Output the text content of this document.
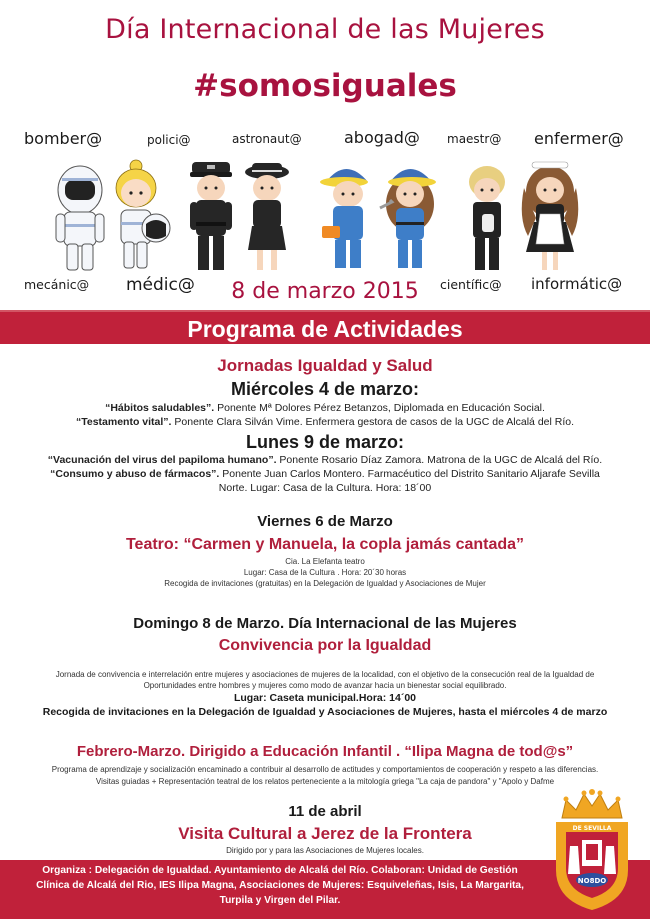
Día Internacional de las Mujeres
#somosiguales
bomber@	polici@	astronaut@	abogad@ maestr@ enfermer@
mecánic@ médic@	científic@ informátic@
8 de marzo 2015
Programa de Actividades
Jornadas Igualdad y Salud
Miércoles 4 de marzo:
“Hábitos saludables”. Ponente Mª Dolores Pérez Betanzos, Diplomada en Educación Social.
“Testamento vital”. Ponente Clara Silván Vime. Enfermera gestora de casos de la UGC de Alcalá del Río.
Lunes 9 de marzo:
“Vacunación del virus del papiloma humano”. Ponente Rosario Díaz Zamora. Matrona de la UGC de Alcalá del Río.
“Consumo y abuso de fármacos”. Ponente Juan Carlos Montero. Farmacéutico del Distrito Sanitario Aljarafe Sevilla
Norte. Lugar: Casa de la Cultura. Hora: 18´00
Viernes 6 de Marzo
Teatro: “Carmen y Manuela, la copla jamás cantada”
Cia. La Elefanta teatro
Lugar: Casa de la Cultura . Hora: 20´30 horas
Recogida de invitaciones (gratuitas) en la Delegación de Igualdad y Asociaciones de Mujer
Domingo 8 de Marzo. Día Internacional de las Mujeres
Convivencia por la Igualdad
Jornada de convivencia e interrelación entre mujeres y asociaciones de mujeres de la localidad, con el objetivo de la consecución real de la Igualdad de
Oportunidades entre hombres y mujeres como modo de avanzar hacia un bienestar social equilibrado.
Lugar: Caseta municipal.Hora: 14´00
Recogida de invitaciones en la Delegación de Igualdad y Asociaciones de Mujeres, hasta el miércoles 4 de marzo
Febrero-Marzo. Dirigido a Educación Infantil . “Ilipa Magna de tod@s”
Programa de aprendizaje y socialización encaminado a contribuir al desarrollo de actitudes y comportamientos de cooperación y respeto a las diferencias.
Visitas guiadas + Representación teatral de los relatos perteneciente a la mitología griega "La caja de pandora" y "Apolo y Dafme
11 de abril
Visita Cultural a Jerez de la Frontera
Dirigido por y para las Asociaciones de Mujeres locales.
Organiza : Delegación de Igualdad. Ayuntamiento de Alcalá del Río. Colaboran: Unidad de Gestión
Clínica de Alcalá del Rio, IES Ilipa Magna, Asociaciones de Mujeres: Esquiveleñas, Isis, La Margarita,
Turpila y Virgen del Pilar.
NO8DO
DE SEVILLA
